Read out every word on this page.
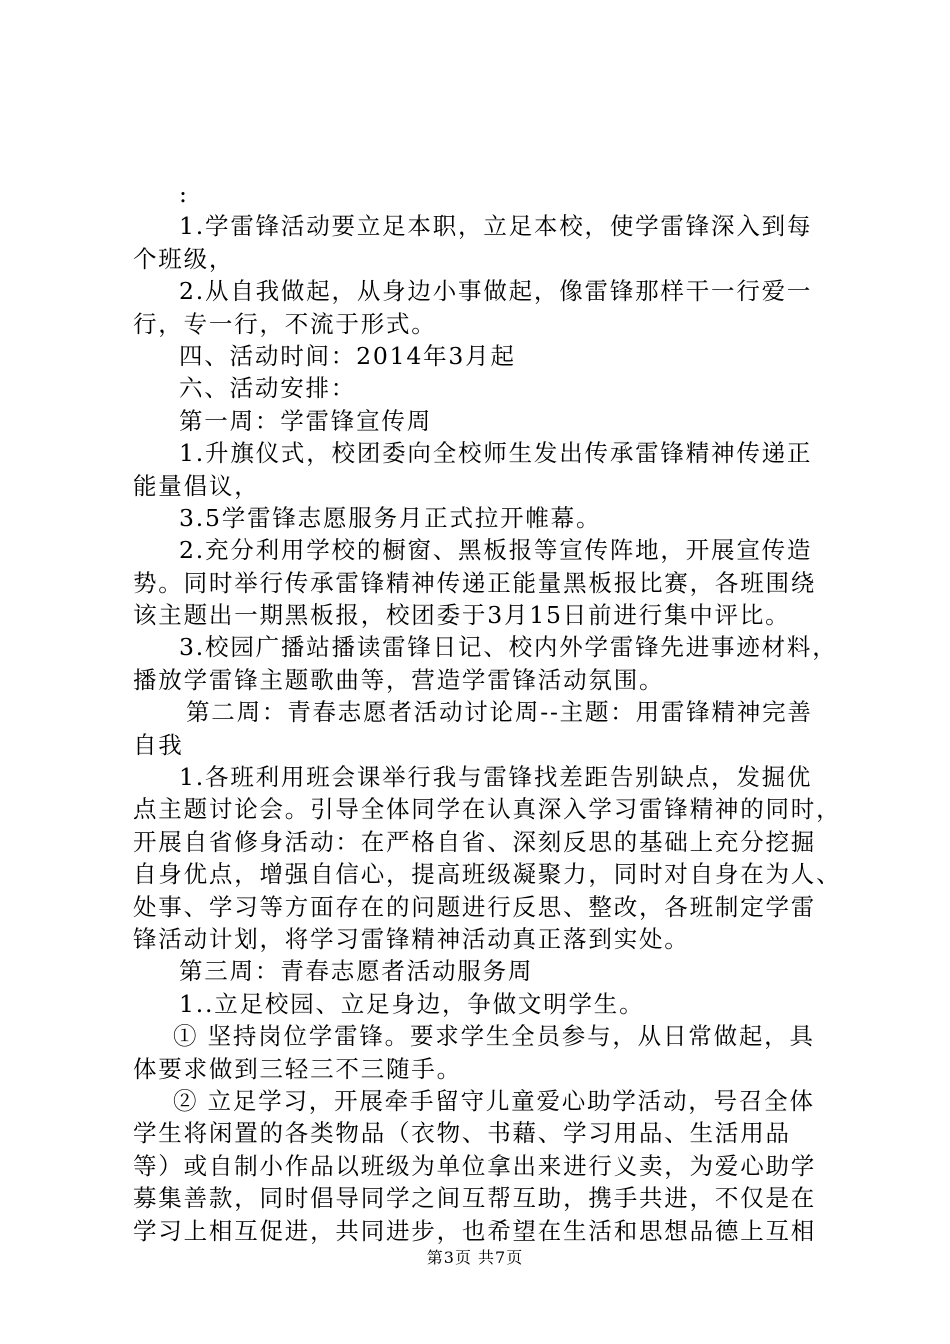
:
1.学雷锋活动要立足本职，立足本校，使学雷锋深入到每
个班级，
2.从自我做起，从身边小事做起，像雷锋那样干一行爱一
行，专一行，不流于形式。
四、活动时间：2014年3月起
六、活动安排：
第一周：学雷锋宣传周
1.升旗仪式，校团委向全校师生发出传承雷锋精神传递正
能量倡议，
3.5学雷锋志愿服务月正式拉开帷幕。
2.充分利用学校的橱窗、黑板报等宣传阵地，开展宣传造
势。同时举行传承雷锋精神传递正能量黑板报比赛，各班围绕
该主题出一期黑板报，校团委于3月15日前进行集中评比。
3.校园广播站播读雷锋日记、校内外学雷锋先进事迹材料，
播放学雷锋主题歌曲等，营造学雷锋活动氛围。
第二周：青春志愿者活动讨论周--主题：用雷锋精神完善
自我
1.各班利用班会课举行我与雷锋找差距告别缺点，发掘优
点主题讨论会。引导全体同学在认真深入学习雷锋精神的同时，
开展自省修身活动：在严格自省、深刻反思的基础上充分挖掘
自身优点，增强自信心，提高班级凝聚力，同时对自身在为人、
处事、学习等方面存在的问题进行反思、整改，各班制定学雷
锋活动计划，将学习雷锋精神活动真正落到实处。
第三周：青春志愿者活动服务周
1..立足校园、立足身边，争做文明学生。
① 坚持岗位学雷锋。要求学生全员参与，从日常做起，具
体要求做到三轻三不三随手。
② 立足学习，开展牵手留守儿童爱心助学活动，号召全体
学生将闲置的各类物品（衣物、书藉、学习用品、生活用品
等）或自制小作品以班级为单位拿出来进行义卖，为爱心助学
募集善款，同时倡导同学之间互帮互助，携手共进，不仅是在
学习上相互促进，共同进步，也希望在生活和思想品德上互相
第3页 共7页
